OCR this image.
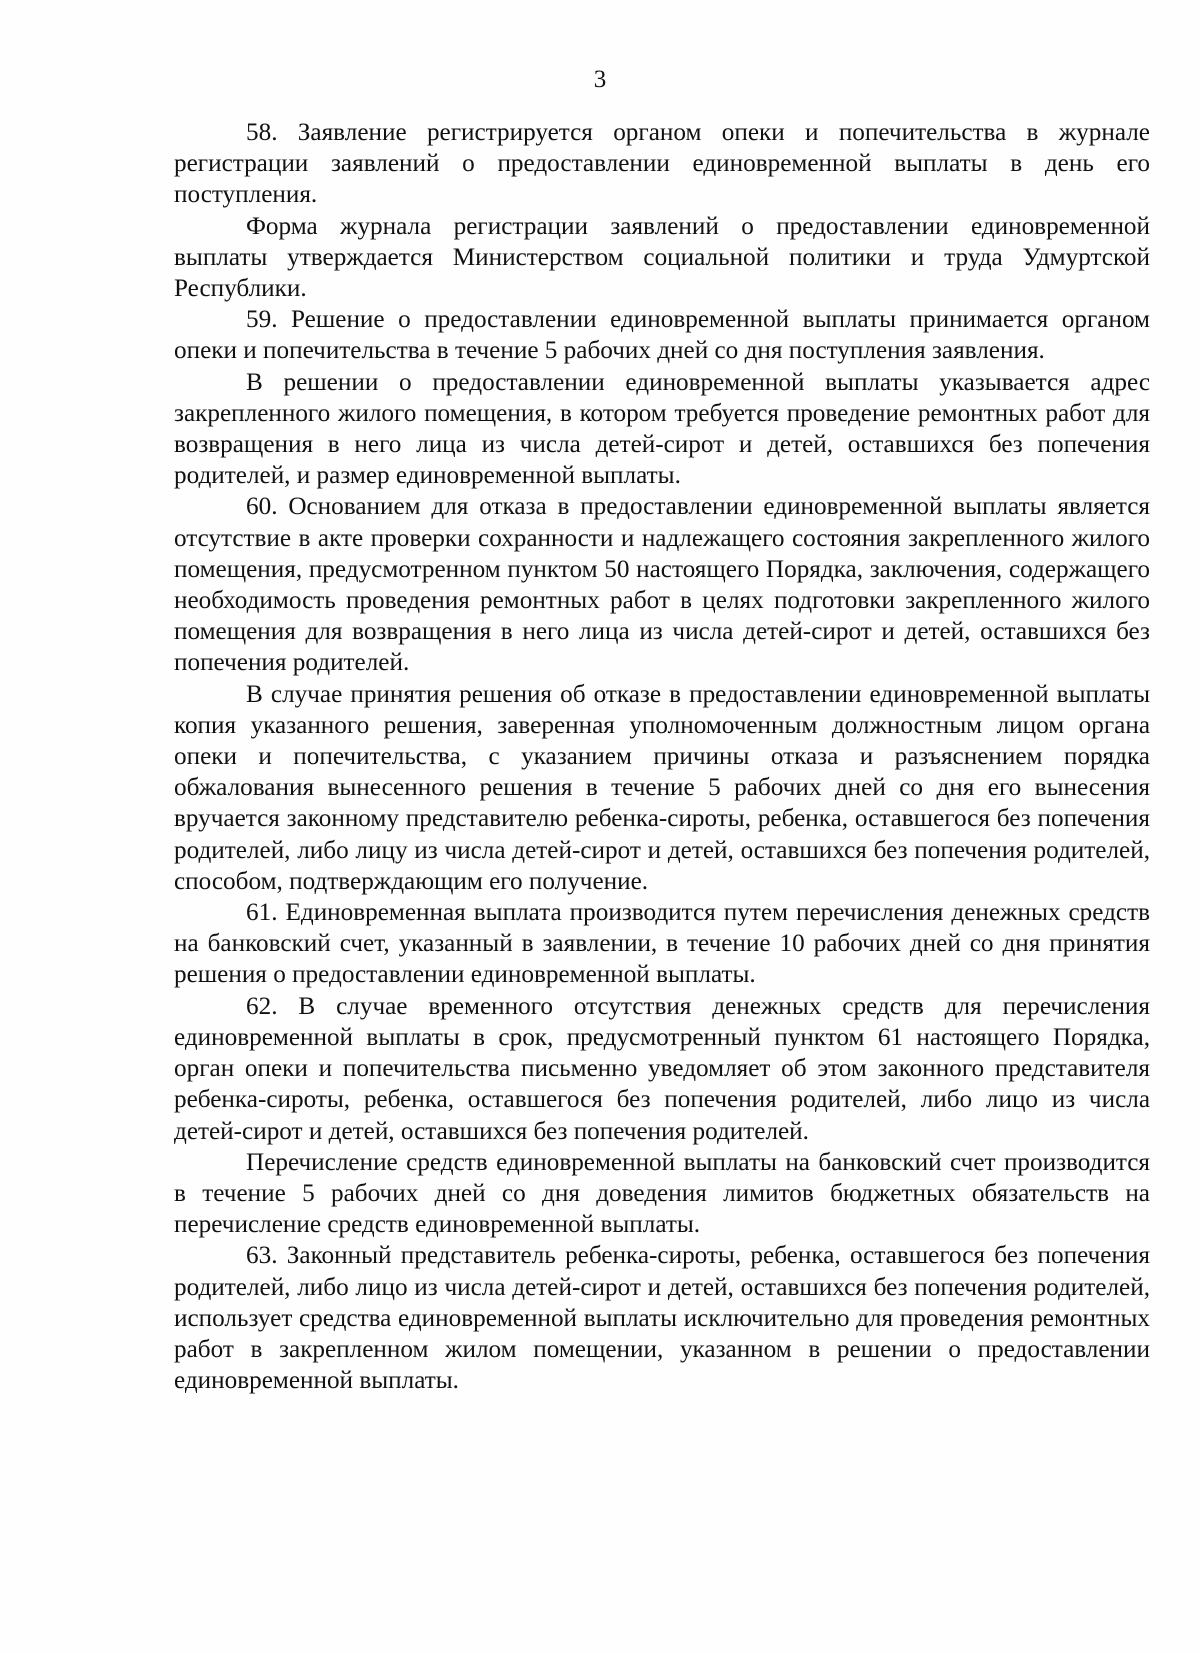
3

58. Заявление регистрируется органом опеки и попечительства в журнале регистрации заявлений о предоставлении единовременной выплаты в день его поступления.

Форма журнала регистрации заявлений о предоставлении единовременной выплаты утверждается Министерством социальной политики и труда Удмуртской Республики.

59. Решение о предоставлении единовременной выплаты принимается органом опеки и попечительства в течение 5 рабочих дней со дня поступления заявления.

В решении о предоставлении единовременной выплаты указывается адрес закрепленного жилого помещения, в котором требуется проведение ремонтных работ для возвращения в него лица из числа детей-сирот и детей, оставшихся без попечения родителей, и размер единовременной выплаты.

60. Основанием для отказа в предоставлении единовременной выплаты является отсутствие в акте проверки сохранности и надлежащего состояния закрепленного жилого помещения, предусмотренном пунктом 50 настоящего Порядка, заключения, содержащего необходимость проведения ремонтных работ в целях подготовки закрепленного жилого помещения для возвращения в него лица из числа детей-сирот и детей, оставшихся без попечения родителей.

В случае принятия решения об отказе в предоставлении единовременной выплаты копия указанного решения, заверенная уполномоченным должностным лицом органа опеки и попечительства, с указанием причины отказа и разъяснением порядка обжалования вынесенного решения в течение 5 рабочих дней со дня его вынесения вручается законному представителю ребенка-сироты, ребенка, оставшегося без попечения родителей, либо лицу из числа детей-сирот и детей, оставшихся без попечения родителей, способом, подтверждающим его получение.

61. Единовременная выплата производится путем перечисления денежных средств на банковский счет, указанный в заявлении, в течение 10 рабочих дней со дня принятия решения о предоставлении единовременной выплаты.

62. В случае временного отсутствия денежных средств для перечисления единовременной выплаты в срок, предусмотренный пунктом 61 настоящего Порядка, орган опеки и попечительства письменно уведомляет об этом законного представителя ребенка-сироты, ребенка, оставшегося без попечения родителей, либо лицо из числа детей-сирот и детей, оставшихся без попечения родителей.

Перечисление средств единовременной выплаты на банковский счет производится в течение 5 рабочих дней со дня доведения лимитов бюджетных обязательств на перечисление средств единовременной выплаты.

63. Законный представитель ребенка-сироты, ребенка, оставшегося без попечения родителей, либо лицо из числа детей-сирот и детей, оставшихся без попечения родителей, использует средства единовременной выплаты исключительно для проведения ремонтных работ в закрепленном жилом помещении, указанном в решении о предоставлении единовременной выплаты.
